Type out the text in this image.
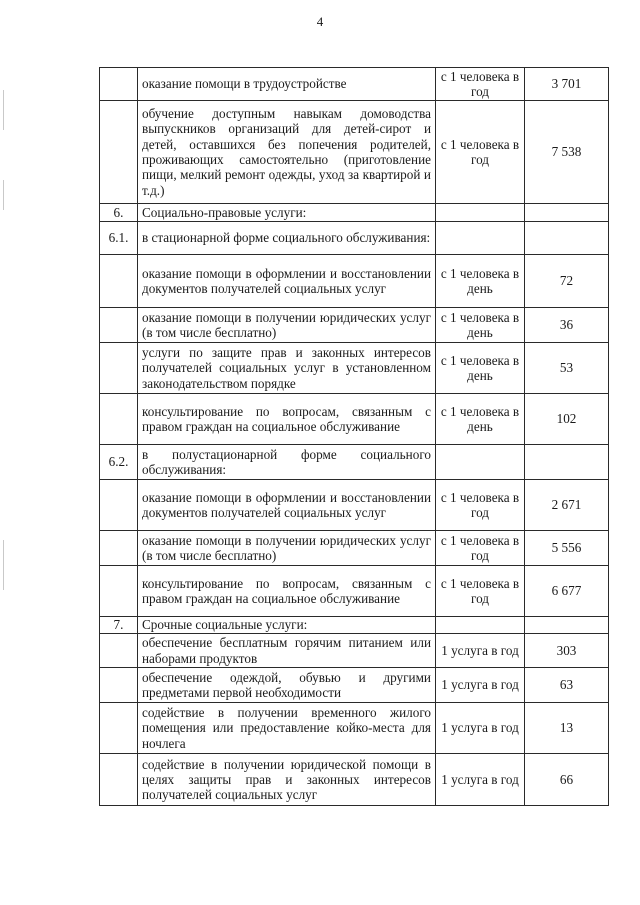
4
	оказание помощи в трудоустройстве	с 1 человека в год	3 701
	обучение доступным навыкам домоводства выпускников организаций для детей-сирот и детей, оставшихся без попечения родителей, проживающих самостоятельно (приготовление пищи, мелкий ремонт одежды, уход за квартирой и т.д.)	с 1 человека в год	7 538
6.	Социально-правовые услуги:		
6.1.	в стационарной форме социального обслуживания:		
	оказание помощи в оформлении и восстановлении документов получателей социальных услуг	с 1 человека в день	72
	оказание помощи в получении юридических услуг (в том числе бесплатно)	с 1 человека в день	36
	услуги по защите прав и законных интересов получателей социальных услуг в установленном законодательством порядке	с 1 человека в день	53
	консультирование по вопросам, связанным с правом граждан на социальное обслуживание	с 1 человека в день	102
6.2.	в полустационарной форме социального обслуживания:		
	оказание помощи в оформлении и восстановлении документов получателей социальных услуг	с 1 человека в год	2 671
	оказание помощи в получении юридических услуг (в том числе бесплатно)	с 1 человека в год	5 556
	консультирование по вопросам, связанным с правом граждан на социальное обслуживание	с 1 человека в год	6 677
7.	Срочные социальные услуги:		
	обеспечение бесплатным горячим питанием или наборами продуктов	1 услуга в год	303
	обеспечение одеждой, обувью и другими предметами первой необходимости	1 услуга в год	63
	содействие в получении временного жилого помещения или предоставление койко-места для ночлега	1 услуга в год	13
	содействие в получении юридической помощи в целях защиты прав и законных интересов получателей социальных услуг	1 услуга в год	66
